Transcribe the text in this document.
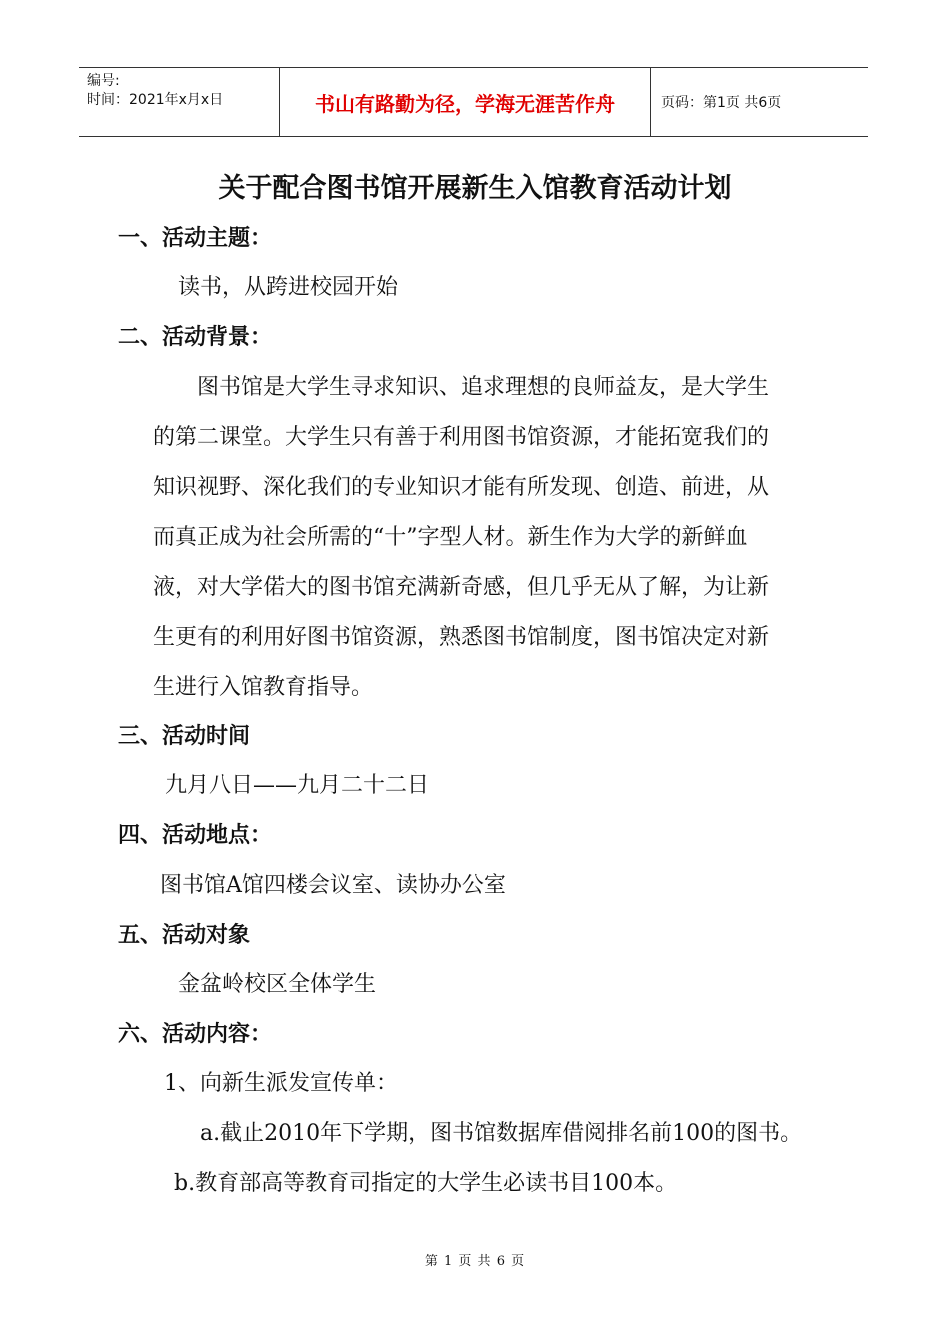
编号:
时间：2021年x月x日	书山有路勤为径，学海无涯苦作舟	页码：第1页 共6页
关于配合图书馆开展新生入馆教育活动计划
一、活动主题：
读书，从跨进校园开始
二、活动背景：
　　图书馆是大学生寻求知识、追求理想的良师益友，是大学生
的第二课堂。大学生只有善于利用图书馆资源，才能拓宽我们的
知识视野、深化我们的专业知识才能有所发现、创造、前进，从
而真正成为社会所需的“十”字型人材。新生作为大学的新鲜血
液，对大学偌大的图书馆充满新奇感，但几乎无从了解，为让新
生更有的利用好图书馆资源，熟悉图书馆制度，图书馆决定对新
生进行入馆教育指导。
三、活动时间
九月八日——九月二十二日
四、活动地点：
图书馆A馆四楼会议室、读协办公室
五、活动对象
金盆岭校区全体学生
六、活动内容：
1、向新生派发宣传单：
a.截止2010年下学期，图书馆数据库借阅排名前100的图书。
b.教育部高等教育司指定的大学生必读书目100本。
第 1 页 共 6 页
